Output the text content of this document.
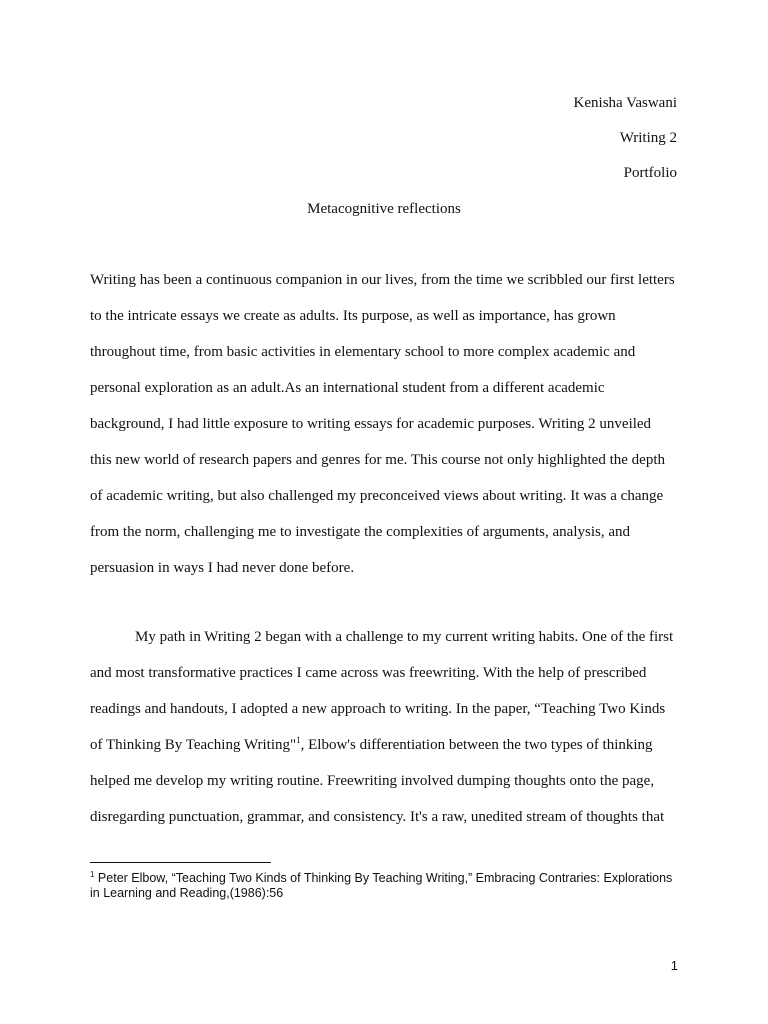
Kenisha Vaswani
Writing 2
Portfolio
Metacognitive reflections
Writing has been a continuous companion in our lives, from the time we scribbled our first letters
to the intricate essays we create as adults. Its purpose, as well as importance, has grown
throughout time, from basic activities in elementary school to more complex academic and
personal exploration as an adult.As an international student from a different academic
background, I had little exposure to writing essays for academic purposes. Writing 2 unveiled
this new world of research papers and genres for me. This course not only highlighted the depth
of academic writing, but also challenged my preconceived views about writing. It was a change
from the norm, challenging me to investigate the complexities of arguments, analysis, and
persuasion in ways I had never done before.
My path in Writing 2 began with a challenge to my current writing habits. One of the first
and most transformative practices I came across was freewriting. With the help of prescribed
readings and handouts, I adopted a new approach to writing. In the paper, “Teaching Two Kinds
of Thinking By Teaching Writing"$^1$, Elbow's differentiation between the two types of thinking
helped me develop my writing routine. Freewriting involved dumping thoughts onto the page,
disregarding punctuation, grammar, and consistency. It's a raw, unedited stream of thoughts that
$^1$ Peter Elbow, “Teaching Two Kinds of Thinking By Teaching Writing,” Embracing Contraries: Explorations
in Learning and Reading,(1986):56
1
